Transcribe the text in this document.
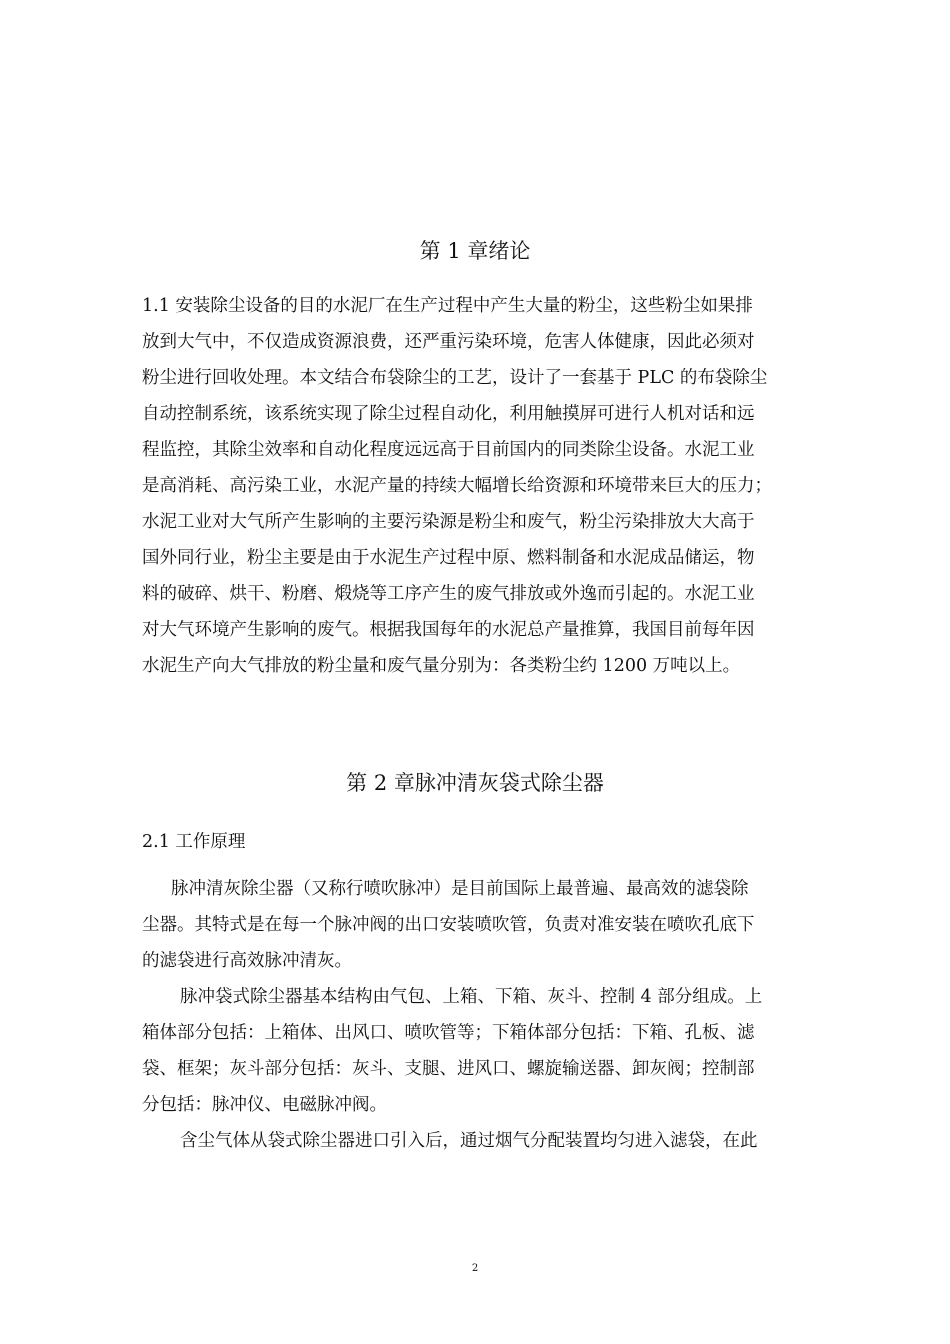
第 1 章绪论
1.1 安装除尘设备的目的水泥厂在生产过程中产生大量的粉尘，这些粉尘如果排
放到大气中，不仅造成资源浪费，还严重污染环境，危害人体健康，因此必须对
粉尘进行回收处理。本文结合布袋除尘的工艺，设计了一套基于 PLC 的布袋除尘
自动控制系统，该系统实现了除尘过程自动化，利用触摸屏可进行人机对话和远
程监控，其除尘效率和自动化程度远远高于目前国内的同类除尘设备。水泥工业
是高消耗、高污染工业，水泥产量的持续大幅增长给资源和环境带来巨大的压力；
水泥工业对大气所产生影响的主要污染源是粉尘和废气，粉尘污染排放大大高于
国外同行业，粉尘主要是由于水泥生产过程中原、燃料制备和水泥成品储运，物
料的破碎、烘干、粉磨、煅烧等工序产生的废气排放或外逸而引起的。水泥工业
对大气环境产生影响的废气。根据我国每年的水泥总产量推算，我国目前每年因
水泥生产向大气排放的粉尘量和废气量分别为：各类粉尘约 1200 万吨以上。
第 2 章脉冲清灰袋式除尘器
2.1 工作原理
脉冲清灰除尘器（又称行喷吹脉冲）是目前国际上最普遍、最高效的滤袋除
尘器。其特式是在每一个脉冲阀的出口安装喷吹管，负责对准安装在喷吹孔底下
的滤袋进行高效脉冲清灰。
脉冲袋式除尘器基本结构由气包、上箱、下箱、灰斗、控制 4 部分组成。上
箱体部分包括：上箱体、出风口、喷吹管等；下箱体部分包括：下箱、孔板、滤
袋、框架；灰斗部分包括：灰斗、支腿、进风口、螺旋输送器、卸灰阀；控制部
分包括：脉冲仪、电磁脉冲阀。
含尘气体从袋式除尘器进口引入后，通过烟气分配装置均匀进入滤袋，在此
2
